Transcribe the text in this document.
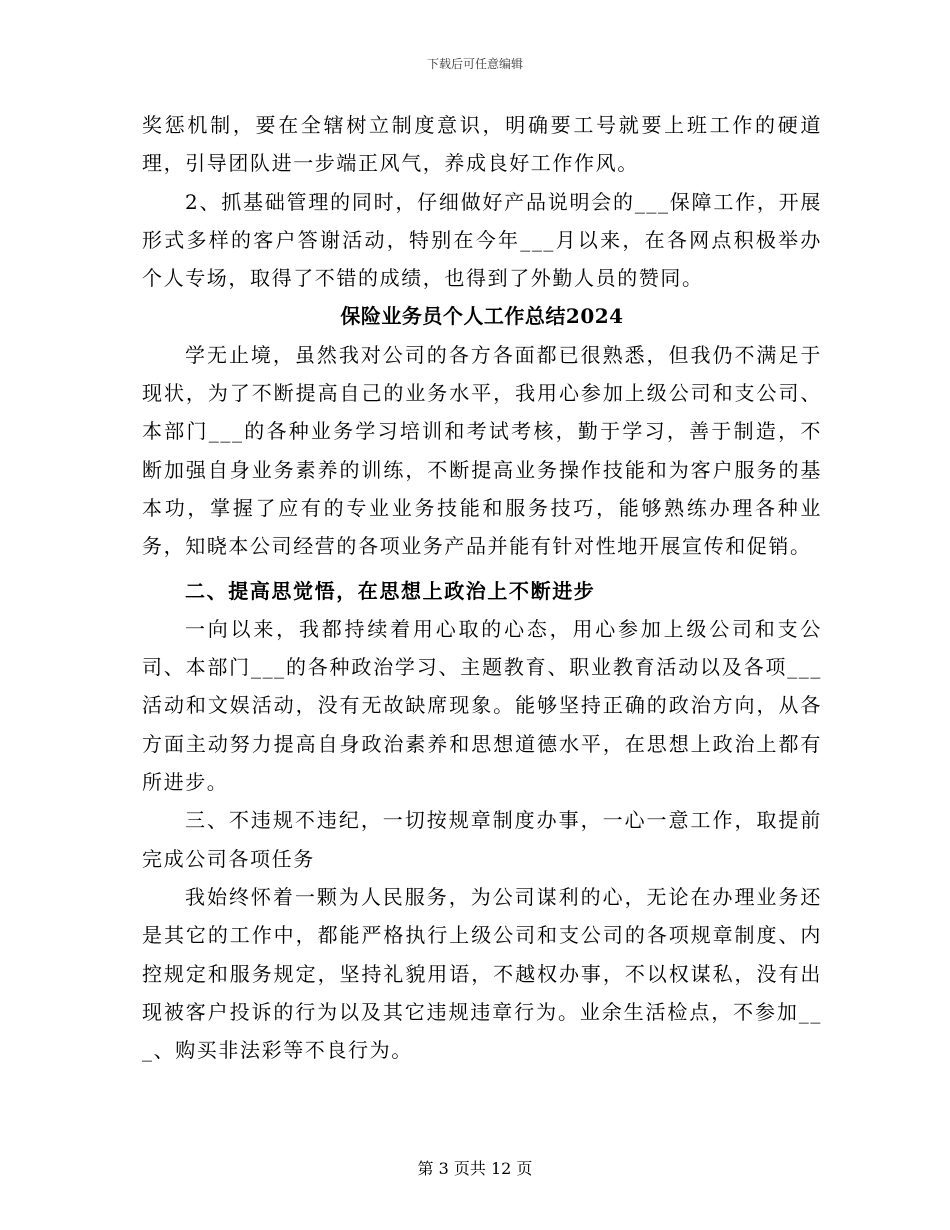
下载后可任意编辑

奖惩机制，要在全辖树立制度意识，明确要工号就要上班工作的硬道理，引导团队进一步端正风气，养成良好工作作风。

2、抓基础管理的同时，仔细做好产品说明会的___保障工作，开展形式多样的客户答谢活动，特别在今年___月以来，在各网点积极举办个人专场，取得了不错的成绩，也得到了外勤人员的赞同。

保险业务员个人工作总结2024

学无止境，虽然我对公司的各方各面都已很熟悉，但我仍不满足于现状，为了不断提高自己的业务水平，我用心参加上级公司和支公司、本部门___的各种业务学习培训和考试考核，勤于学习，善于制造，不断加强自身业务素养的训练，不断提高业务操作技能和为客户服务的基本功，掌握了应有的专业业务技能和服务技巧，能够熟练办理各种业务，知晓本公司经营的各项业务产品并能有针对性地开展宣传和促销。

二、提高思觉悟，在思想上政治上不断进步

一向以来，我都持续着用心取的心态，用心参加上级公司和支公司、本部门___的各种政治学习、主题教育、职业教育活动以及各项___活动和文娱活动，没有无故缺席现象。能够坚持正确的政治方向，从各方面主动努力提高自身政治素养和思想道德水平，在思想上政治上都有所进步。

三、不违规不违纪，一切按规章制度办事，一心一意工作，取提前完成公司各项任务

我始终怀着一颗为人民服务，为公司谋利的心，无论在办理业务还是其它的工作中，都能严格执行上级公司和支公司的各项规章制度、内控规定和服务规定，坚持礼貌用语，不越权办事，不以权谋私，没有出现被客户投诉的行为以及其它违规违章行为。业余生活检点，不参加___、购买非法彩等不良行为。

第 3 页共 12 页
